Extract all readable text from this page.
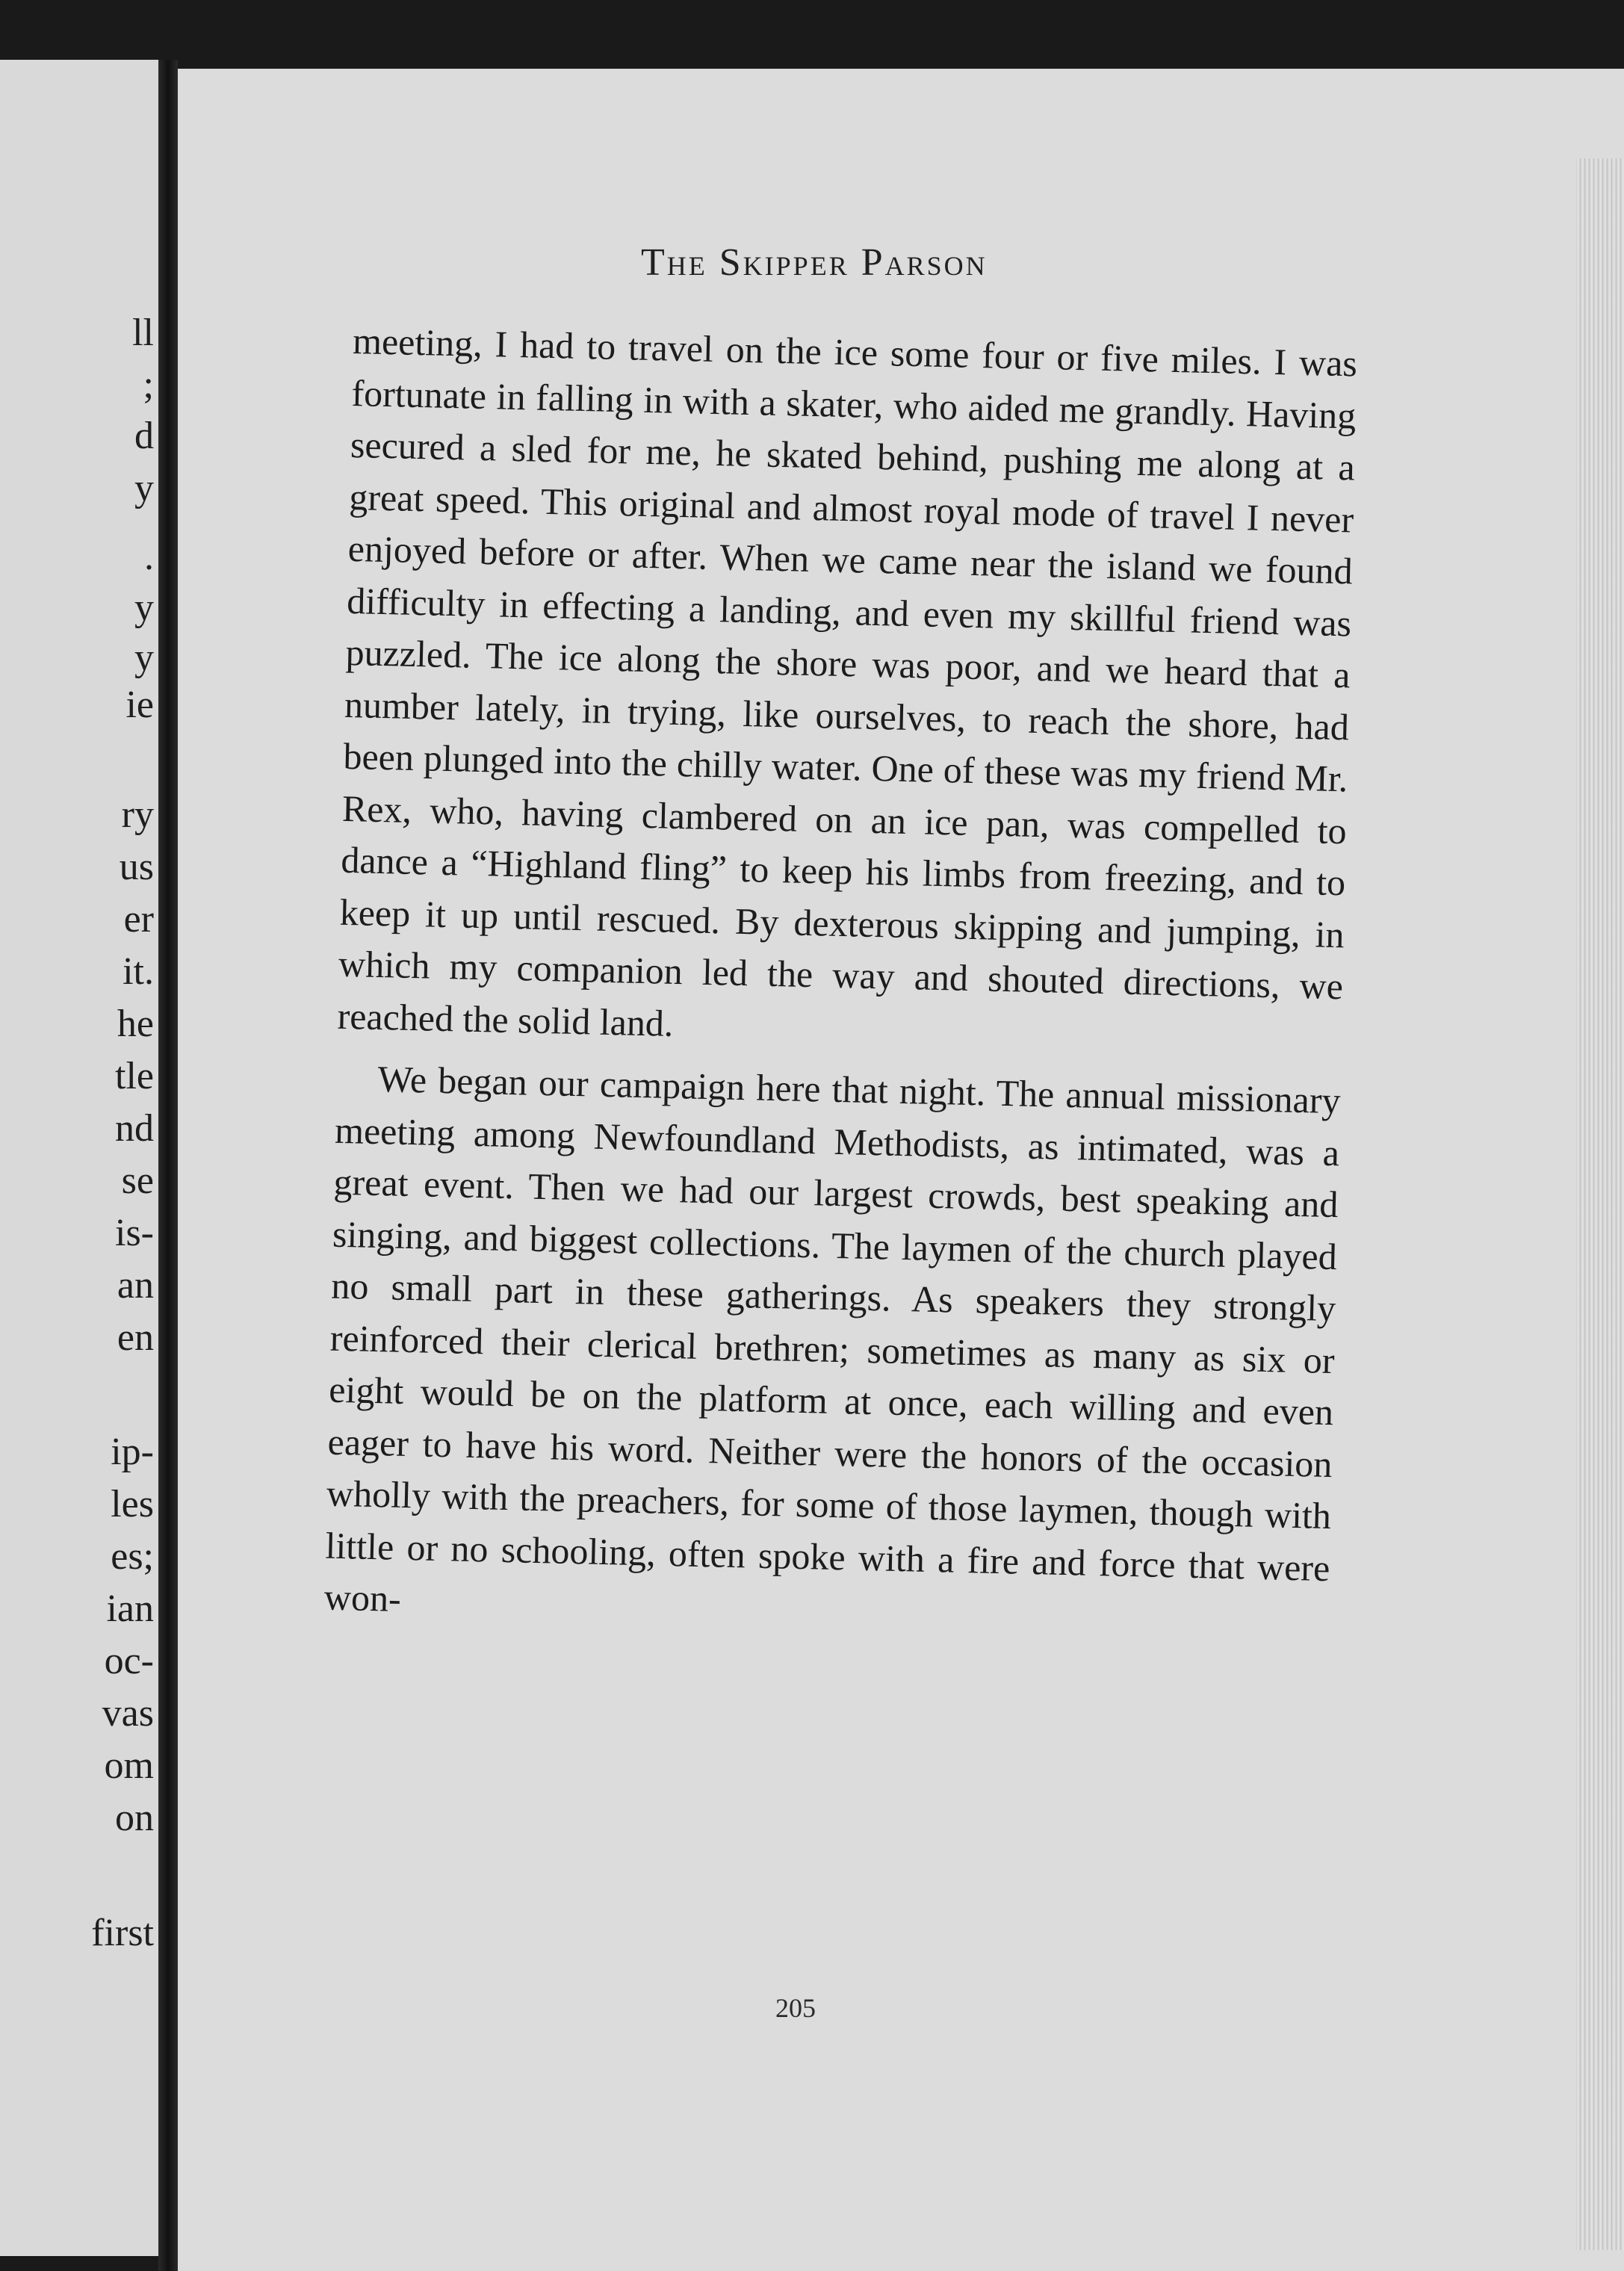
ll
;
d
y
.
y
y
ie
ry
us
er
it.
he
tle
nd
se
is-
an
en
ip-
les
es;
ian
oc-
vas
om
on
first
The Skipper Parson

meeting, I had to travel on the ice some four or five miles. I was fortunate in falling in with a skater, who aided me grandly. Having secured a sled for me, he skated behind, pushing me along at a great speed. This original and almost royal mode of travel I never enjoyed before or after. When we came near the island we found difficulty in effecting a landing, and even my skillful friend was puzzled. The ice along the shore was poor, and we heard that a number lately, in trying, like ourselves, to reach the shore, had been plunged into the chilly water. One of these was my friend Mr. Rex, who, having clambered on an ice pan, was compelled to dance a “Highland fling” to keep his limbs from freezing, and to keep it up until rescued. By dexterous skipping and jumping, in which my companion led the way and shouted directions, we reached the solid land.

We began our campaign here that night. The annual missionary meeting among Newfoundland Methodists, as intimated, was a great event. Then we had our largest crowds, best speaking and singing, and biggest collections. The laymen of the church played no small part in these gatherings. As speakers they strongly reinforced their clerical brethren; sometimes as many as six or eight would be on the platform at once, each willing and even eager to have his word. Neither were the honors of the occasion wholly with the preachers, for some of those laymen, though with little or no schooling, often spoke with a fire and force that were won-

205
